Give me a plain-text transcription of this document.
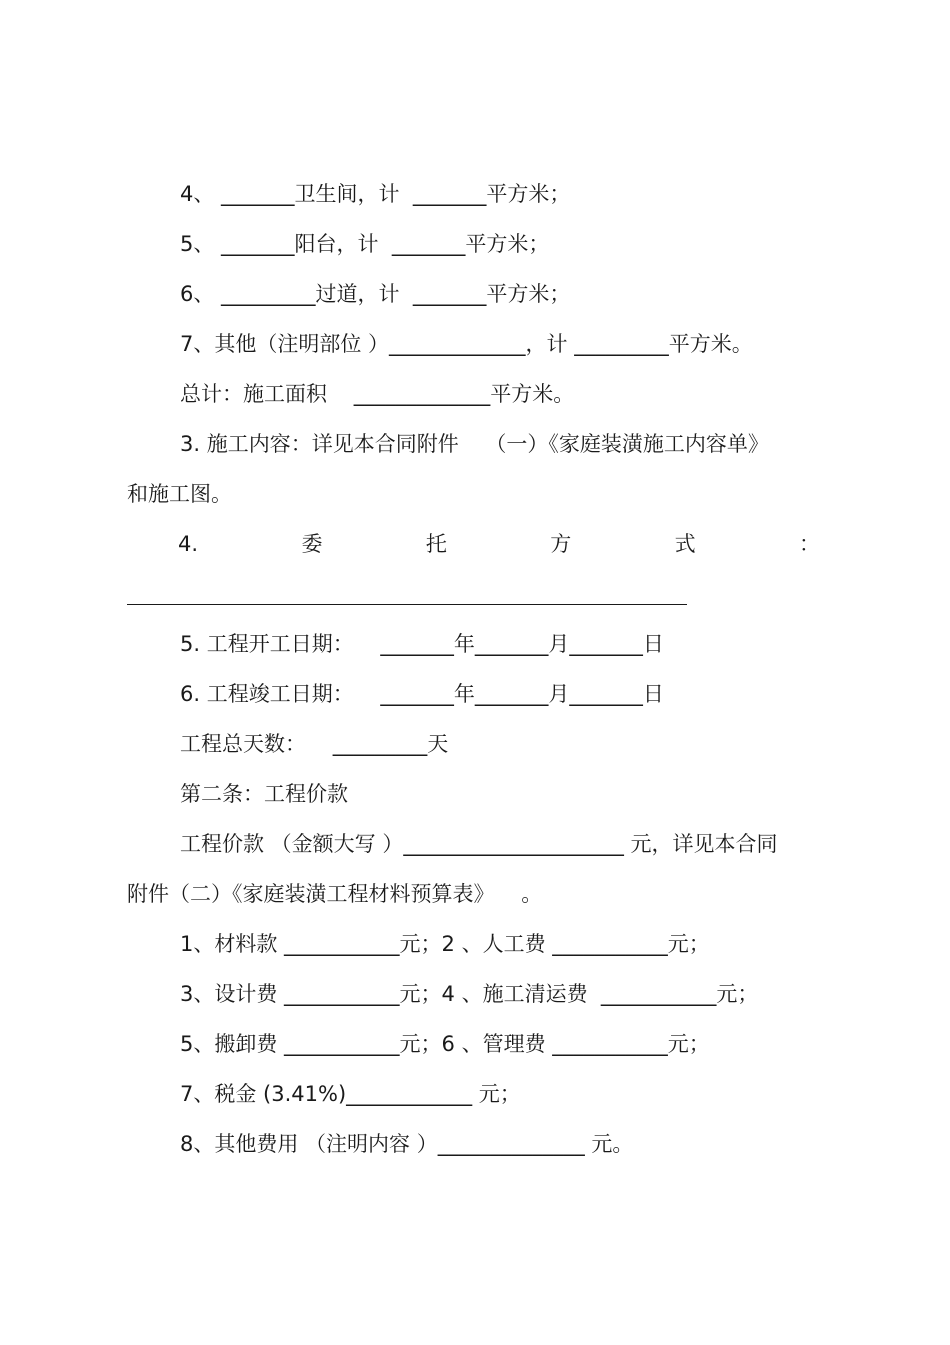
4、 _______卫生间，计  _______平方米；
5、 _______阳台，计  _______平方米；
6、 _________过道，计  _______平方米；
7、其他（注明部位 ）_____________，计 _________平方米。
总计：施工面积    _____________平方米。
3. 施工内容：详见本合同附件    （一）《家庭装潢施工内容单》
和施工图。
4.	委	托	方	式	：
5. 工程开工日期：    _______年_______月_______日
6. 工程竣工日期：    _______年_______月_______日
工程总天数：    _________天
第二条：工程价款
工程价款 （金额大写 ）_____________________ 元，详见本合同
附件（二）《家庭装潢工程材料预算表》    。
1、材料款 ___________元；2 、人工费 ___________元；
3、设计费 ___________元；4 、施工清运费  ___________元；
5、搬卸费 ___________元；6 、管理费 ___________元；
7、税金 (3.41%)____________ 元；
8、其他费用 （注明内容 ）______________ 元。
